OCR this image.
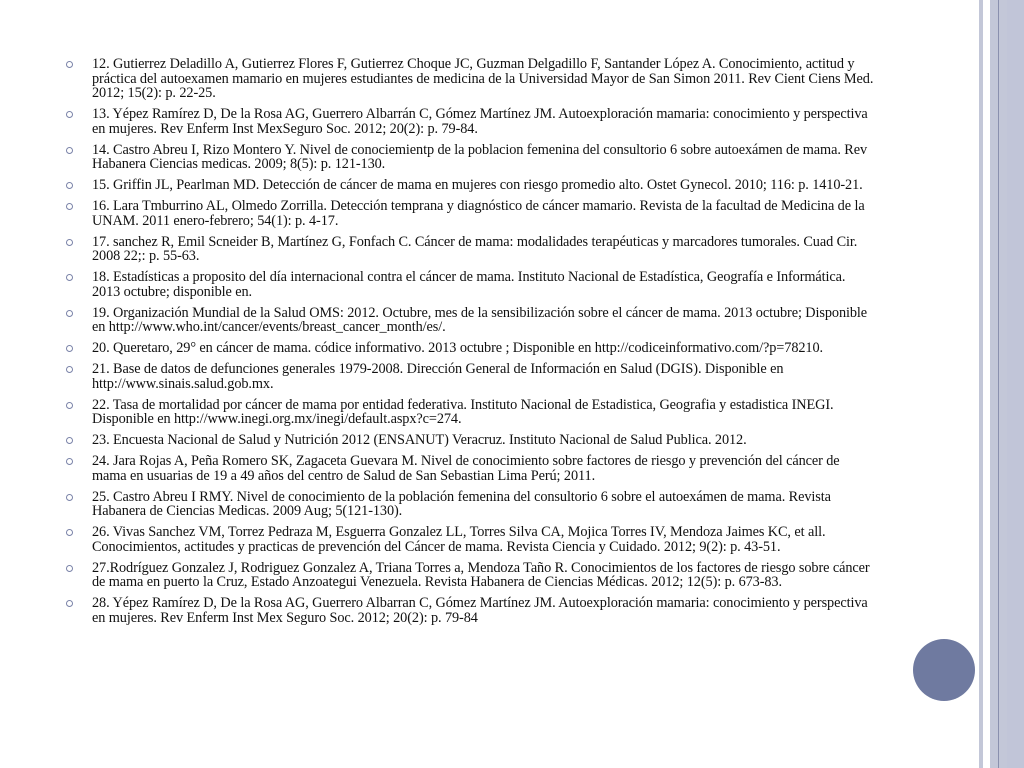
12. Gutierrez Deladillo A, Gutierrez Flores F, Gutierrez Choque JC, Guzman Delgadillo F, Santander López A. Conocimiento, actitud y práctica del autoexamen mamario en mujeres estudiantes de medicina de la Universidad Mayor de San Simon 2011. Rev Cient Ciens Med. 2012; 15(2): p. 22-25.
13. Yépez Ramírez D, De la Rosa AG, Guerrero Albarrán C, Gómez Martínez JM. Autoexploración mamaria: conocimiento y perspectiva en mujeres. Rev Enferm Inst MexSeguro Soc. 2012; 20(2): p. 79-84.
14. Castro Abreu I, Rizo Montero Y. Nivel de conociemientp de la poblacion femenina del consultorio 6 sobre autoexámen de mama. Rev Habanera Ciencias medicas. 2009; 8(5): p. 121-130.
15. Griffin JL, Pearlman MD. Detección de cáncer de mama en mujeres con riesgo promedio alto. Ostet Gynecol. 2010; 116: p. 1410-21.
16. Lara Tmburrino AL, Olmedo Zorrilla. Detección temprana y diagnóstico de cáncer mamario. Revista de la facultad de Medicina de la UNAM. 2011 enero-febrero; 54(1): p. 4-17.
17. sanchez R, Emil Scneider B, Martínez G, Fonfach C. Cáncer de mama: modalidades terapéuticas y marcadores tumorales. Cuad Cir. 2008 22;: p. 55-63.
18. Estadísticas a proposito del día internacional contra el cáncer de mama. Instituto Nacional de Estadística, Geografía e Informática. 2013 octubre; disponible en.
19. Organización Mundial de la Salud OMS: 2012. Octubre, mes de la sensibilización sobre el cáncer de mama. 2013 octubre; Disponible en http://www.who.int/cancer/events/breast_cancer_month/es/.
20. Queretaro, 29° en cáncer de mama. códice informativo. 2013 octubre ; Disponible en http://codiceinformativo.com/?p=78210.
21. Base de datos de defunciones generales 1979-2008. Dirección General de Información en Salud (DGIS). Disponible en http://www.sinais.salud.gob.mx.
22. Tasa de mortalidad por cáncer de mama por entidad federativa. Instituto Nacional de Estadistica, Geografia y estadistica INEGI. Disponible en http://www.inegi.org.mx/inegi/default.aspx?c=274.
23. Encuesta Nacional de Salud y Nutrición 2012 (ENSANUT) Veracruz. Instituto Nacional de Salud Publica. 2012.
24. Jara Rojas A, Peña Romero SK, Zagaceta Guevara M. Nivel de conocimiento sobre factores de riesgo y prevención del cáncer de mama en usuarias de 19 a 49 años del centro de Salud de San Sebastian Lima Perú; 2011.
25. Castro Abreu I RMY. Nivel de conocimiento de la población femenina del consultorio 6 sobre el autoexámen de mama. Revista Habanera de Ciencias Medicas. 2009 Aug; 5(121-130).
26. Vivas Sanchez VM, Torrez Pedraza M, Esguerra Gonzalez LL, Torres Silva CA, Mojica Torres IV, Mendoza Jaimes KC, et all. Conocimientos, actitudes y practicas de prevención del Cáncer de mama. Revista Ciencia y Cuidado. 2012; 9(2): p. 43-51.
27.Rodríguez Gonzalez J, Rodriguez Gonzalez A, Triana Torres a, Mendoza Taño R. Conocimientos de los factores de riesgo sobre cáncer de mama en puerto la Cruz, Estado Anzoategui Venezuela. Revista Habanera de Ciencias Médicas. 2012; 12(5): p. 673-83.
28. Yépez Ramírez D, De la Rosa AG, Guerrero Albarran C, Gómez Martínez JM. Autoexploración mamaria: conocimiento y perspectiva en mujeres. Rev Enferm Inst Mex Seguro Soc. 2012; 20(2): p. 79-84
